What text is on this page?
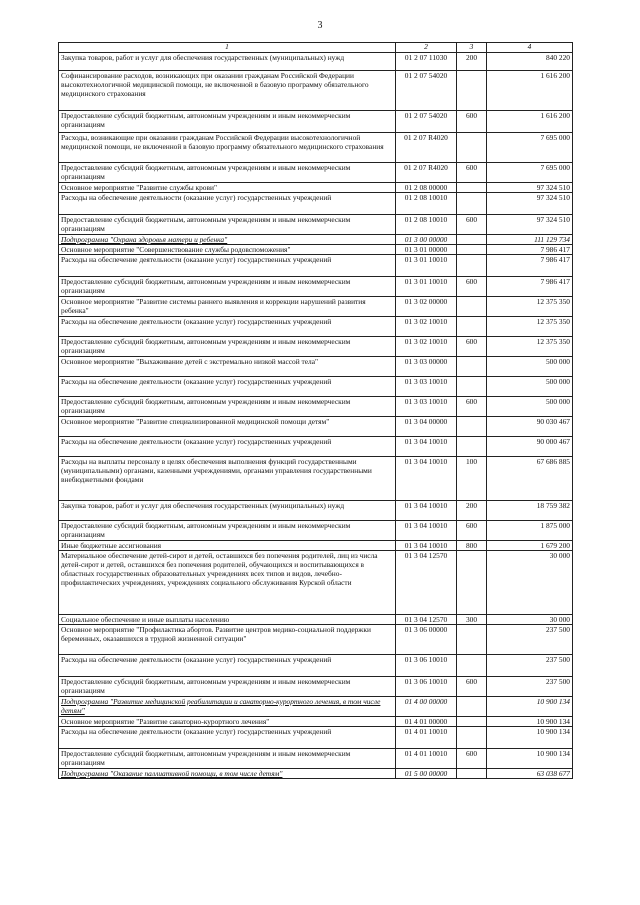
3
1	2	3	4
Закупка товаров, работ и услуг для обеспечения государственных (муниципальных) нужд	01 2 07 11030	200	840 220
Софинансирование расходов, возникающих при оказании гражданам Российской Федерации высокотехнологичной медицинской помощи, не включенной в базовую программу обязательного медицинского страхования	01 2 07 54020		1 616 200
Предоставление субсидий бюджетным, автономным учреждениям и иным некоммерческим организациям	01 2 07 54020	600	1 616 200
Расходы, возникающие при оказании гражданам Российской Федерации высокотехнологичной медицинской помощи, не включенной в базовую программу обязательного медицинского страхования	01 2 07 R4020		7 695 000
Предоставление субсидий бюджетным, автономным учреждениям и иным некоммерческим организациям	01 2 07 R4020	600	7 695 000
Основное мероприятие "Развитие службы крови"	01 2 08 00000		97 324 510
Расходы на обеспечение деятельности (оказание услуг) государственных учреждений	01 2 08 10010		97 324 510
Предоставление субсидий бюджетным, автономным учреждениям и иным некоммерческим организациям	01 2 08 10010	600	97 324 510
Подпрограмма "Охрана здоровья матери и ребенка"	01 3 00 00000		111 129 734
Основное мероприятие "Совершенствование службы родовспоможения"	01 3 01 00000		7 986 417
Расходы на обеспечение деятельности (оказание услуг) государственных учреждений	01 3 01 10010		7 986 417
Предоставление субсидий бюджетным, автономным учреждениям и иным некоммерческим организациям	01 3 01 10010	600	7 986 417
Основное мероприятие "Развитие системы раннего выявления и коррекции нарушений развития ребенка"	01 3 02 00000		12 375 350
Расходы на обеспечение деятельности (оказание услуг) государственных учреждений	01 3 02 10010		12 375 350
Предоставление субсидий бюджетным, автономным учреждениям и иным некоммерческим организациям	01 3 02 10010	600	12 375 350
Основное мероприятие "Выхаживание детей с экстремально низкой массой тела"	01 3 03 00000		500 000
Расходы на обеспечение деятельности (оказание услуг) государственных учреждений	01 3 03 10010		500 000
Предоставление субсидий бюджетным, автономным учреждениям и иным некоммерческим организациям	01 3 03 10010	600	500 000
Основное мероприятие "Развитие специализированной медицинской помощи детям"	01 3 04 00000		90 030 467
Расходы на обеспечение деятельности (оказание услуг) государственных учреждений	01 3 04 10010		90 000 467
Расходы на выплаты персоналу в целях обеспечения выполнения функций государственными (муниципальными) органами, казенными учреждениями, органами управления государственными внебюджетными фондами	01 3 04 10010	100	67 686 885
Закупка товаров, работ и услуг для обеспечения государственных (муниципальных) нужд	01 3 04 10010	200	18 759 382
Предоставление субсидий бюджетным, автономным учреждениям и иным некоммерческим организациям	01 3 04 10010	600	1 875 000
Иные бюджетные ассигнования	01 3 04 10010	800	1 679 200
Материальное обеспечение детей-сирот и детей, оставшихся без попечения родителей, лиц из числа детей-сирот и детей, оставшихся без попечения родителей, обучающихся и воспитывающихся в областных государственных образовательных учреждениях всех типов и видов, лечебно-профилактических учреждениях, учреждениях социального обслуживания Курской области	01 3 04 12570		30 000
Социальное обеспечение и иные выплаты населению	01 3 04 12570	300	30 000
Основное мероприятие "Профилактика абортов. Развитие центров медико-социальной поддержки беременных, оказавшихся в трудной жизненной ситуации"	01 3 06 00000		237 500
Расходы на обеспечение деятельности (оказание услуг) государственных учреждений	01 3 06 10010		237 500
Предоставление субсидий бюджетным, автономным учреждениям и иным некоммерческим организациям	01 3 06 10010	600	237 500
Подпрограмма "Развитие медицинской реабилитации и санаторно-курортного лечения, в том числе детям"	01 4 00 00000		10 900 134
Основное мероприятие "Развитие санаторно-курортного лечения"	01 4 01 00000		10 900 134
Расходы на обеспечение деятельности (оказание услуг) государственных учреждений	01 4 01 10010		10 900 134
Предоставление субсидий бюджетным, автономным учреждениям и иным некоммерческим организациям	01 4 01 10010	600	10 900 134
Подпрограмма "Оказание паллиативной помощи, в том числе детям"	01 5 00 00000		63 038 677
